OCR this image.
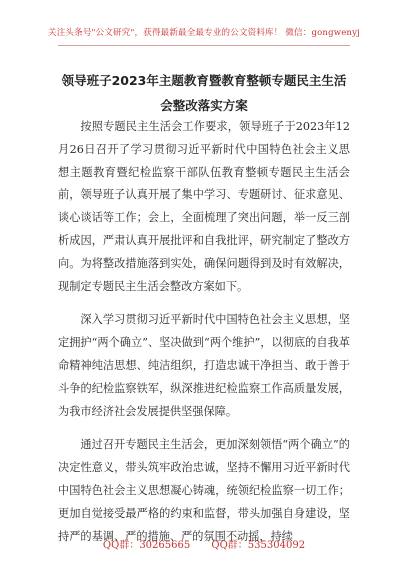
关注头条号"公文研究"，获得最新最全最专业的公文资料库！ 微信：gongwenyj
领导班子2023年主题教育暨教育整顿专题民主生活会整改落实方案

按照专题民主生活会工作要求，领导班子于2023年12月26日召开了学习贯彻习近平新时代中国特色社会主义思想主题教育暨纪检监察干部队伍教育整顿专题民主生活会前，领导班子认真开展了集中学习、专题研讨、征求意见、谈心谈话等工作；会上，全面梳理了突出问题，举一反三剖析成因，严肃认真开展批评和自我批评，研究制定了整改方向。为将整改措施落到实处，确保问题得到及时有效解决，现制定专题民主生活会整改方案如下。

深入学习贯彻习近平新时代中国特色社会主义思想，坚定拥护“两个确立”、坚决做到“两个维护”，以彻底的自我革命精神纯洁思想、纯洁组织，打造忠诚干净担当、敢于善于斗争的纪检监察铁军，纵深推进纪检监察工作高质量发展，为我市经济社会发展提供坚强保障。

通过召开专题民主生活会，更加深刻领悟“两个确立”的决定性意义，带头筑牢政治忠诚，坚持不懈用习近平新时代中国特色社会主义思想凝心铸魂，统领纪检监察一切工作；更加自觉接受最严格的约束和监督，带头加强自身建设，坚持严的基调、严的措施、严的氛围不动摇，持续

QQ群：30265665 QQ群：535304092
